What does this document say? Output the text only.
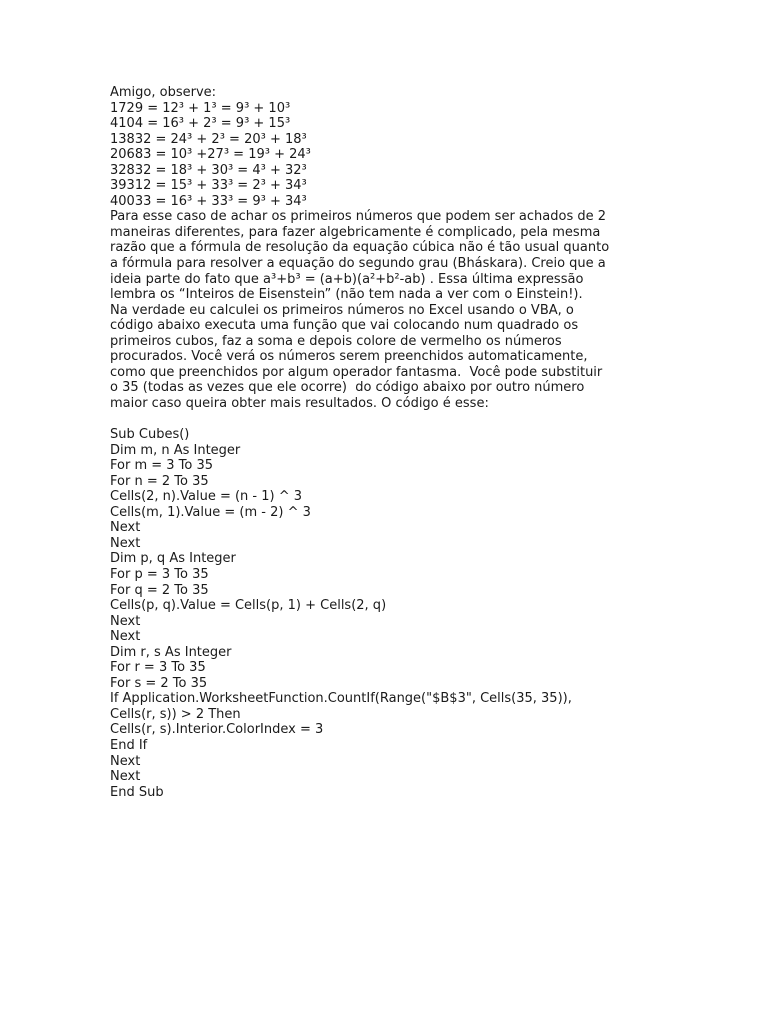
Amigo, observe:
1729 = 12³ + 1³ = 9³ + 10³
4104 = 16³ + 2³ = 9³ + 15³
13832 = 24³ + 2³ = 20³ + 18³
20683 = 10³ +27³ = 19³ + 24³
32832 = 18³ + 30³ = 4³ + 32³
39312 = 15³ + 33³ = 2³ + 34³
40033 = 16³ + 33³ = 9³ + 34³
Para esse caso de achar os primeiros números que podem ser achados de 2
maneiras diferentes, para fazer algebricamente é complicado, pela mesma
razão que a fórmula de resolução da equação cúbica não é tão usual quanto
a fórmula para resolver a equação do segundo grau (Bháskara). Creio que a
ideia parte do fato que a³+b³ = (a+b)(a²+b²-ab) . Essa última expressão
lembra os “Inteiros de Eisenstein” (não tem nada a ver com o Einstein!).
Na verdade eu calculei os primeiros números no Excel usando o VBA, o
código abaixo executa uma função que vai colocando num quadrado os
primeiros cubos, faz a soma e depois colore de vermelho os números
procurados. Você verá os números serem preenchidos automaticamente,
como que preenchidos por algum operador fantasma.  Você pode substituir
o 35 (todas as vezes que ele ocorre)  do código abaixo por outro número
maior caso queira obter mais resultados. O código é esse:
Sub Cubes()
Dim m, n As Integer
For m = 3 To 35
For n = 2 To 35
Cells(2, n).Value = (n - 1) ^ 3
Cells(m, 1).Value = (m - 2) ^ 3
Next
Next
Dim p, q As Integer
For p = 3 To 35
For q = 2 To 35
Cells(p, q).Value = Cells(p, 1) + Cells(2, q)
Next
Next
Dim r, s As Integer
For r = 3 To 35
For s = 2 To 35
If Application.WorksheetFunction.CountIf(Range("$B$3", Cells(35, 35)),
Cells(r, s)) > 2 Then
Cells(r, s).Interior.ColorIndex = 3
End If
Next
Next
End Sub
